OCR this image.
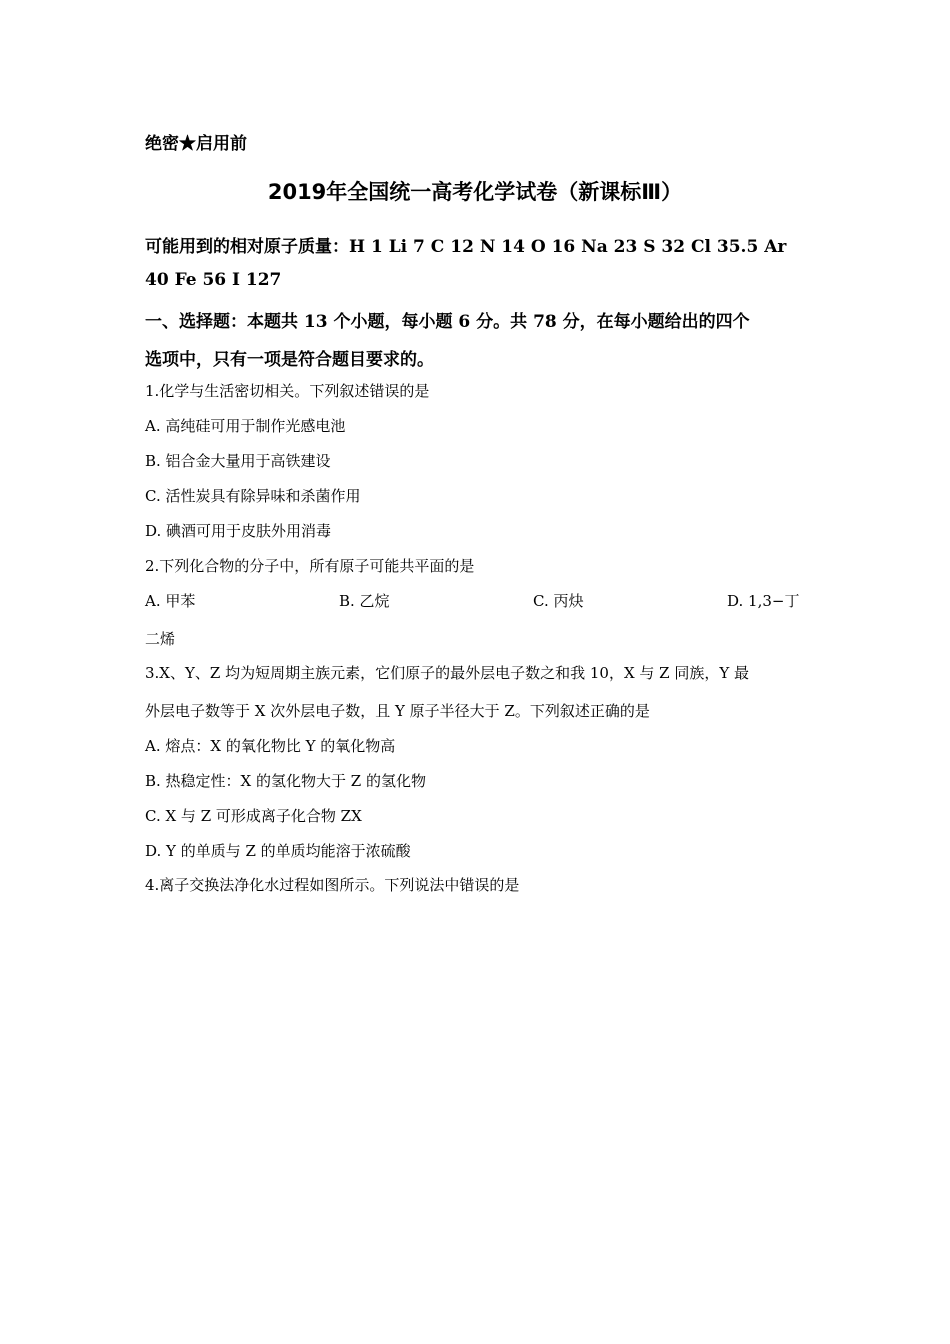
绝密★启用前
2019年全国统一高考化学试卷（新课标Ⅲ）
可能用到的相对原子质量：H 1 Li 7 C 12 N 14 O 16 Na 23 S 32 Cl 35.5 Ar
40 Fe 56 I 127
一、选择题：本题共 13 个小题，每小题 6 分。共 78 分，在每小题给出的四个
选项中，只有一项是符合题目要求的。
1.化学与生活密切相关。下列叙述错误的是
A. 高纯硅可用于制作光感电池
B. 铝合金大量用于高铁建设
C. 活性炭具有除异味和杀菌作用
D. 碘酒可用于皮肤外用消毒
2.下列化合物的分子中，所有原子可能共平面的是
A. 甲苯	B. 乙烷	C. 丙炔	D. 1,3−丁
二烯
3.X、Y、Z 均为短周期主族元素，它们原子的最外层电子数之和我 10，X 与 Z 同族，Y 最
外层电子数等于 X 次外层电子数，且 Y 原子半径大于 Z。下列叙述正确的是
A. 熔点：X 的氧化物比 Y 的氧化物高
B. 热稳定性：X 的氢化物大于 Z 的氢化物
C. X 与 Z 可形成离子化合物 ZX
D. Y 的单质与 Z 的单质均能溶于浓硫酸
4.离子交换法净化水过程如图所示。下列说法中错误的是
